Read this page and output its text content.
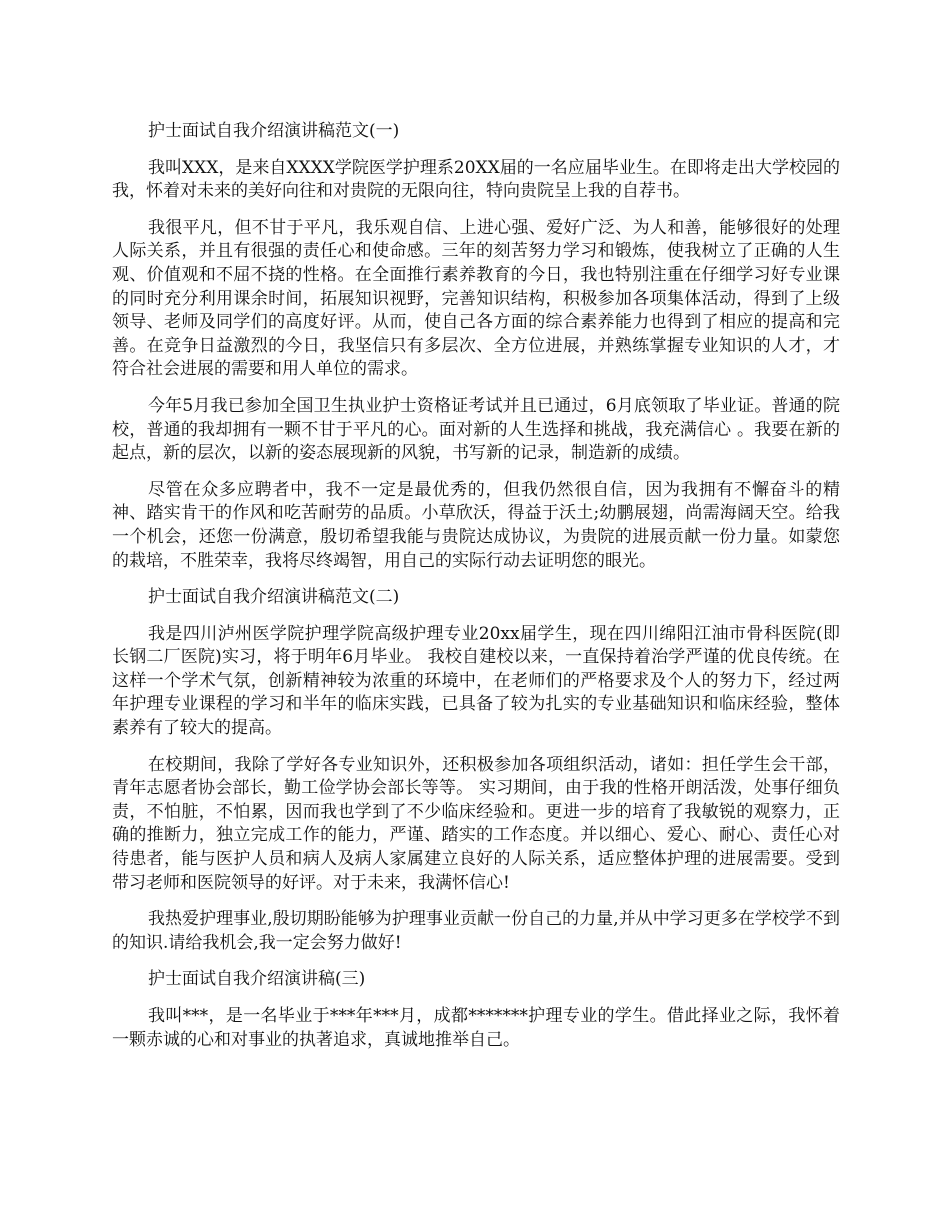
护士面试自我介绍演讲稿范文(一)

我叫XXX，是来自XXXX学院医学护理系20XX届的一名应届毕业生。在即将走出大学校园的我，怀着对未来的美好向往和对贵院的无限向往，特向贵院呈上我的自荐书。

我很平凡，但不甘于平凡，我乐观自信、上进心强、爱好广泛、为人和善，能够很好的处理人际关系，并且有很强的责任心和使命感。三年的刻苦努力学习和锻炼，使我树立了正确的人生观、价值观和不屈不挠的性格。在全面推行素养教育的今日，我也特别注重在仔细学习好专业课的同时充分利用课余时间，拓展知识视野，完善知识结构，积极参加各项集体活动，得到了上级领导、老师及同学们的高度好评。从而，使自己各方面的综合素养能力也得到了相应的提高和完善。在竞争日益激烈的今日，我坚信只有多层次、全方位进展，并熟练掌握专业知识的人才，才符合社会进展的需要和用人单位的需求。

今年5月我已参加全国卫生执业护士资格证考试并且已通过，6月底领取了毕业证。普通的院校，普通的我却拥有一颗不甘于平凡的心。面对新的人生选择和挑战，我充满信心 。我要在新的起点，新的层次，以新的姿态展现新的风貌，书写新的记录，制造新的成绩。

尽管在众多应聘者中，我不一定是最优秀的，但我仍然很自信，因为我拥有不懈奋斗的精神、踏实肯干的作风和吃苦耐劳的品质。小草欣沃，得益于沃土;幼鹏展翅，尚需海阔天空。给我一个机会，还您一份满意，殷切希望我能与贵院达成协议，为贵院的进展贡献一份力量。如蒙您的栽培，不胜荣幸，我将尽终竭智，用自己的实际行动去证明您的眼光。

护士面试自我介绍演讲稿范文(二)

我是四川泸州医学院护理学院高级护理专业20xx届学生，现在四川绵阳江油市骨科医院(即长钢二厂医院)实习，将于明年6月毕业。 我校自建校以来，一直保持着治学严谨的优良传统。在这样一个学术气氛，创新精神较为浓重的环境中，在老师们的严格要求及个人的努力下，经过两年护理专业课程的学习和半年的临床实践，已具备了较为扎实的专业基础知识和临床经验，整体素养有了较大的提高。

在校期间，我除了学好各专业知识外，还积极参加各项组织活动，诸如：担任学生会干部，青年志愿者协会部长，勤工俭学协会部长等等。 实习期间，由于我的性格开朗活泼，处事仔细负责，不怕脏，不怕累，因而我也学到了不少临床经验和。更进一步的培育了我敏锐的观察力，正确的推断力，独立完成工作的能力，严谨、踏实的工作态度。并以细心、爱心、耐心、责任心对待患者，能与医护人员和病人及病人家属建立良好的人际关系，适应整体护理的进展需要。受到带习老师和医院领导的好评。对于未来，我满怀信心!

我热爱护理事业,殷切期盼能够为护理事业贡献一份自己的力量,并从中学习更多在学校学不到的知识.请给我机会,我一定会努力做好!

护士面试自我介绍演讲稿(三)

我叫***，是一名毕业于***年***月，成都*******护理专业的学生。借此择业之际，我怀着一颗赤诚的心和对事业的执著追求，真诚地推举自己。
